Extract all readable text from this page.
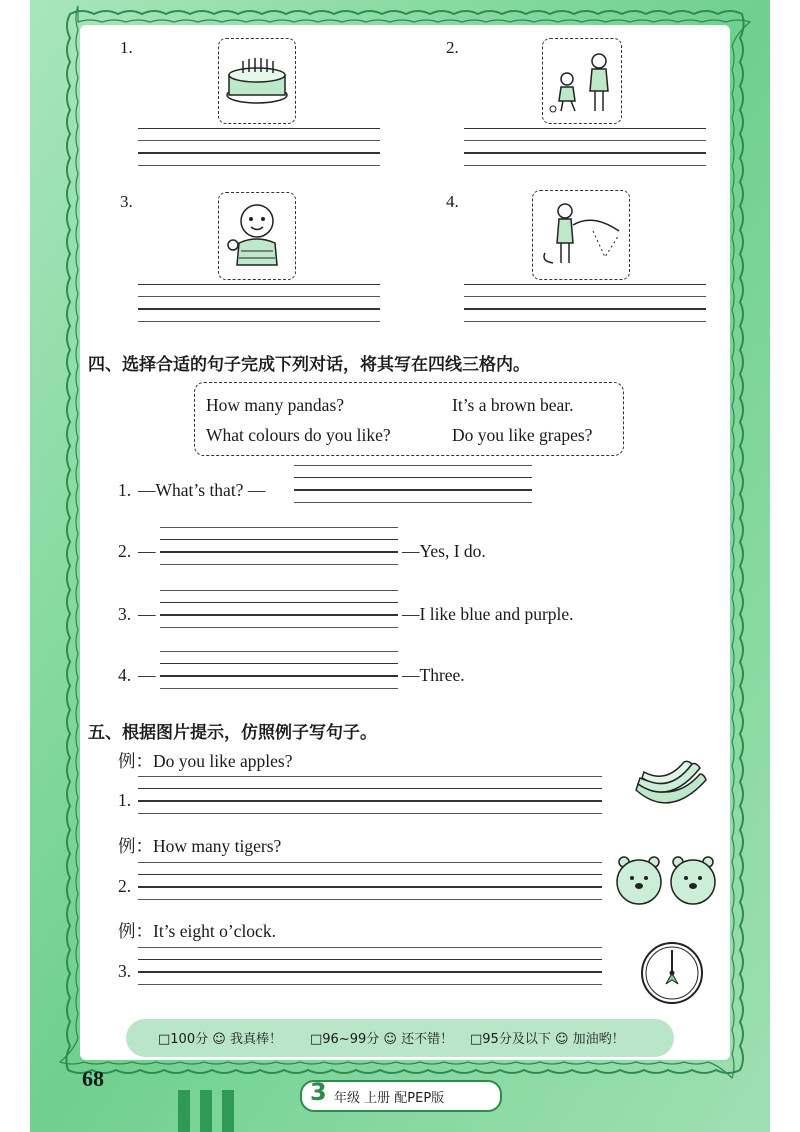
1.	2.
3.	4.
四、选择合适的句子完成下列对话，将其写在四线三格内。
How many pandas?	It’s a brown bear.
What colours do you like?	Do you like grapes?
1. —What’s that? —
2. —	—Yes, I do.
3. —	—I like blue and purple.
4. —	—Three.
五、根据图片提示，仿照例子写句子。
例：Do you like apples?
1.
例：How many tigers?
2.
例：It’s eight o’clock.
3.
□100分 ☺ 我真棒！ □96~99分 ☺ 还不错！ □95分及以下 ☺ 加油哟！
68	3 年级 上册 配PEP版
